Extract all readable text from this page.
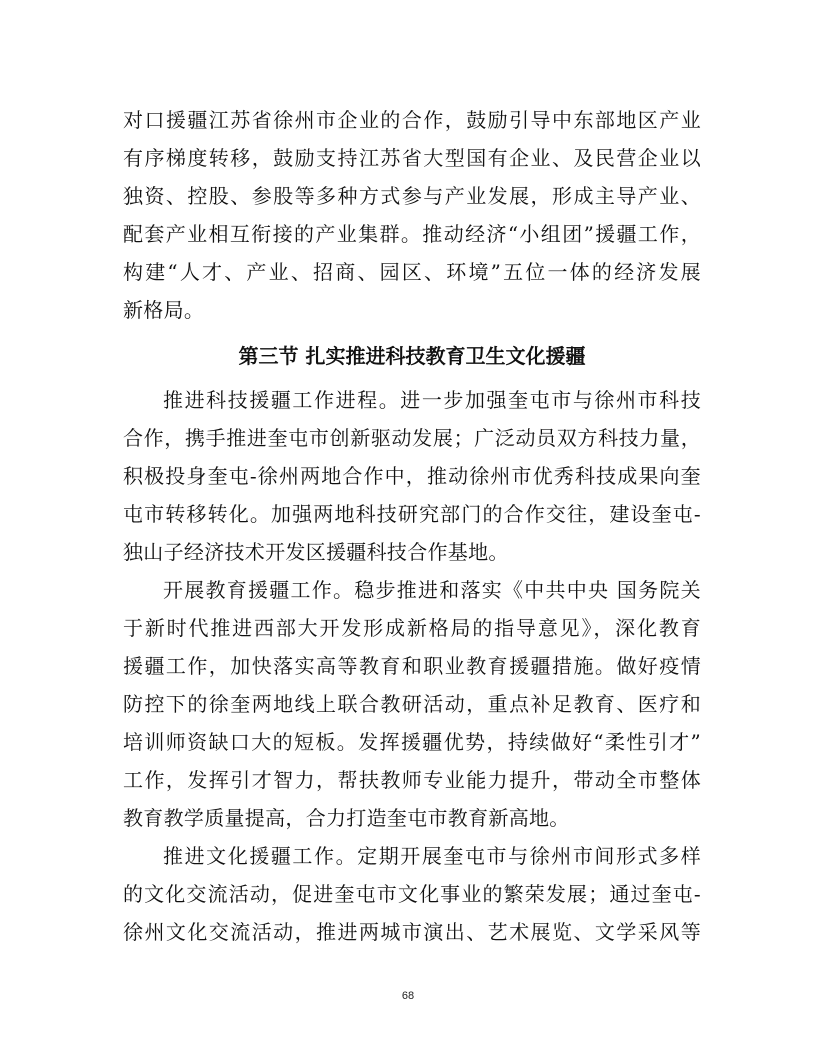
对口援疆江苏省徐州市企业的合作，鼓励引导中东部地区产业
有序梯度转移，鼓励支持江苏省大型国有企业、及民营企业以
独资、控股、参股等多种方式参与产业发展，形成主导产业、
配套产业相互衔接的产业集群。推动经济“小组团”援疆工作，
构建“人才、产业、招商、园区、环境”五位一体的经济发展
新格局。
第三节 扎实推进科技教育卫生文化援疆
推进科技援疆工作进程。进一步加强奎屯市与徐州市科技
合作，携手推进奎屯市创新驱动发展；广泛动员双方科技力量，
积极投身奎屯-徐州两地合作中，推动徐州市优秀科技成果向奎
屯市转移转化。加强两地科技研究部门的合作交往，建设奎屯-
独山子经济技术开发区援疆科技合作基地。
开展教育援疆工作。稳步推进和落实《中共中央 国务院关
于新时代推进西部大开发形成新格局的指导意见》，深化教育
援疆工作，加快落实高等教育和职业教育援疆措施。做好疫情
防控下的徐奎两地线上联合教研活动，重点补足教育、医疗和
培训师资缺口大的短板。发挥援疆优势，持续做好“柔性引才”
工作，发挥引才智力，帮扶教师专业能力提升，带动全市整体
教育教学质量提高，合力打造奎屯市教育新高地。
推进文化援疆工作。定期开展奎屯市与徐州市间形式多样
的文化交流活动，促进奎屯市文化事业的繁荣发展；通过奎屯-
徐州文化交流活动，推进两城市演出、艺术展览、文学采风等
68
